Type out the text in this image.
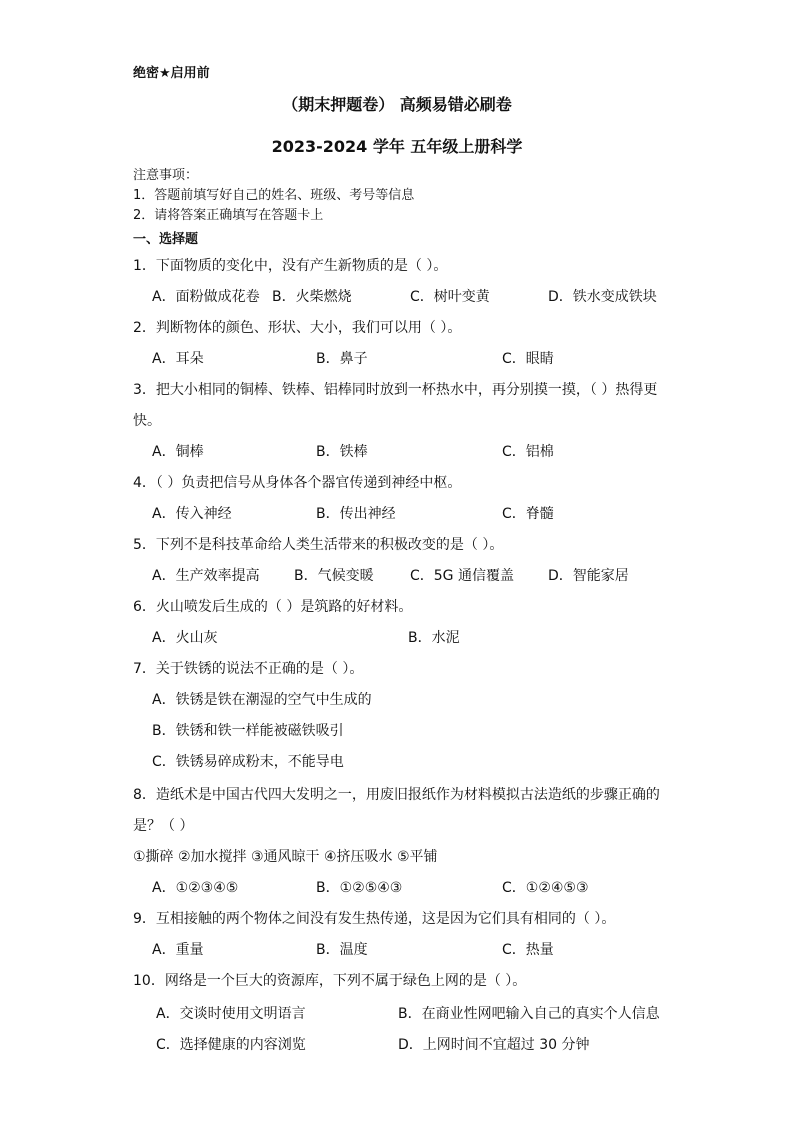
绝密★启用前
（期末押题卷） 高频易错必刷卷
2023-2024 学年 五年级上册科学
注意事项：
1．答题前填写好自己的姓名、班级、考号等信息
2．请将答案正确填写在答题卡上
一、选择题
1．下面物质的变化中，没有产生新物质的是（ ）。
A．面粉做成花卷 B．火柴燃烧	C．树叶变黄	D．铁水变成铁块
2．判断物体的颜色、形状、大小，我们可以用（ ）。
A．耳朵	B．鼻子	C．眼睛
3．把大小相同的铜棒、铁棒、铝棒同时放到一杯热水中，再分别摸一摸，（ ）热得更
快。
A．铜棒	B．铁棒	C．铝棉
4．（ ）负责把信号从身体各个器官传递到神经中枢。
A．传入神经	B．传出神经	C．脊髓
5．下列不是科技革命给人类生活带来的积极改变的是（ ）。
A．生产效率提高 B．气候变暖	C．5G 通信覆盖 D．智能家居
6．火山喷发后生成的（ ）是筑路的好材料。
A．火山灰	B．水泥
7．关于铁锈的说法不正确的是（ ）。
A．铁锈是铁在潮湿的空气中生成的
B．铁锈和铁一样能被磁铁吸引
C．铁锈易碎成粉末，不能导电
8．造纸术是中国古代四大发明之一，用废旧报纸作为材料模拟古法造纸的步骤正确的
是？（ ）
①撕碎 ②加水搅拌 ③通风晾干 ④挤压吸水 ⑤平铺
A．①②③④⑤	B．①②⑤④③	C．①②④⑤③
9．互相接触的两个物体之间没有发生热传递，这是因为它们具有相同的（ ）。
A．重量	B．温度	C．热量
10．网络是一个巨大的资源库，下列不属于绿色上网的是（ ）。
A．交谈时使用文明语言	B．在商业性网吧输入自己的真实个人信息
C．选择健康的内容浏览	D．上网时间不宜超过 30 分钟
